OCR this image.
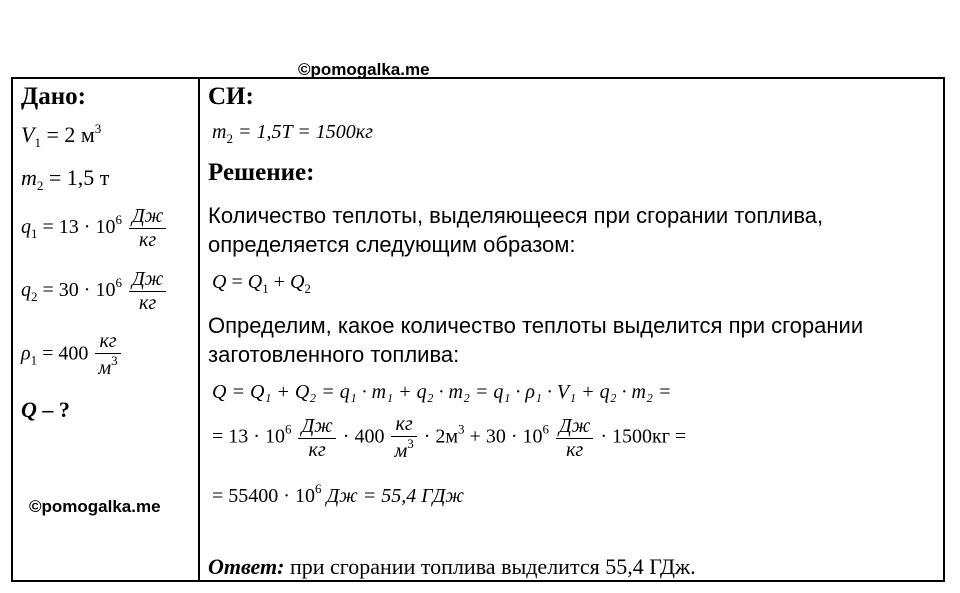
©pomogalka.me
Дано:
$V_1 = 2$ $м^3$
$m_2 = 1,5$ т
$q_1 = 13 \cdot 10^6 \frac{Дж}{кг}$
$q_2 = 30 \cdot 10^6 \frac{Дж}{кг}$
$\rho_1 = 400 \frac{кг}{м^3}$
Q – ?
СИ:
$m_2 = 1,5T = 1500кг$
Решение:
Количество теплоты, выделяющееся при сгорании топлива, определяется следующим образом:
$Q = Q_1 + Q_2$
Определим, какое количество теплоты выделится при сгорании заготовленного топлива:
Q = Q₁ + Q₂ = q₁ · m₁ + q₂ · m₂ = q₁ · ρ₁ · V₁ + q₂ · m₂ =
= $13 \cdot 10^6 \frac{Дж}{кг} \cdot 400 \frac{кг}{м^3} \cdot 2м^3 + 30 \cdot 10^6 \frac{Дж}{кг} \cdot 1500кг$ =
= $55400 \cdot 10^6$ Дж = 55,4 ГДж
Ответ: при сгорании топлива выделится 55,4 ГДж.
©pomogalka.me
